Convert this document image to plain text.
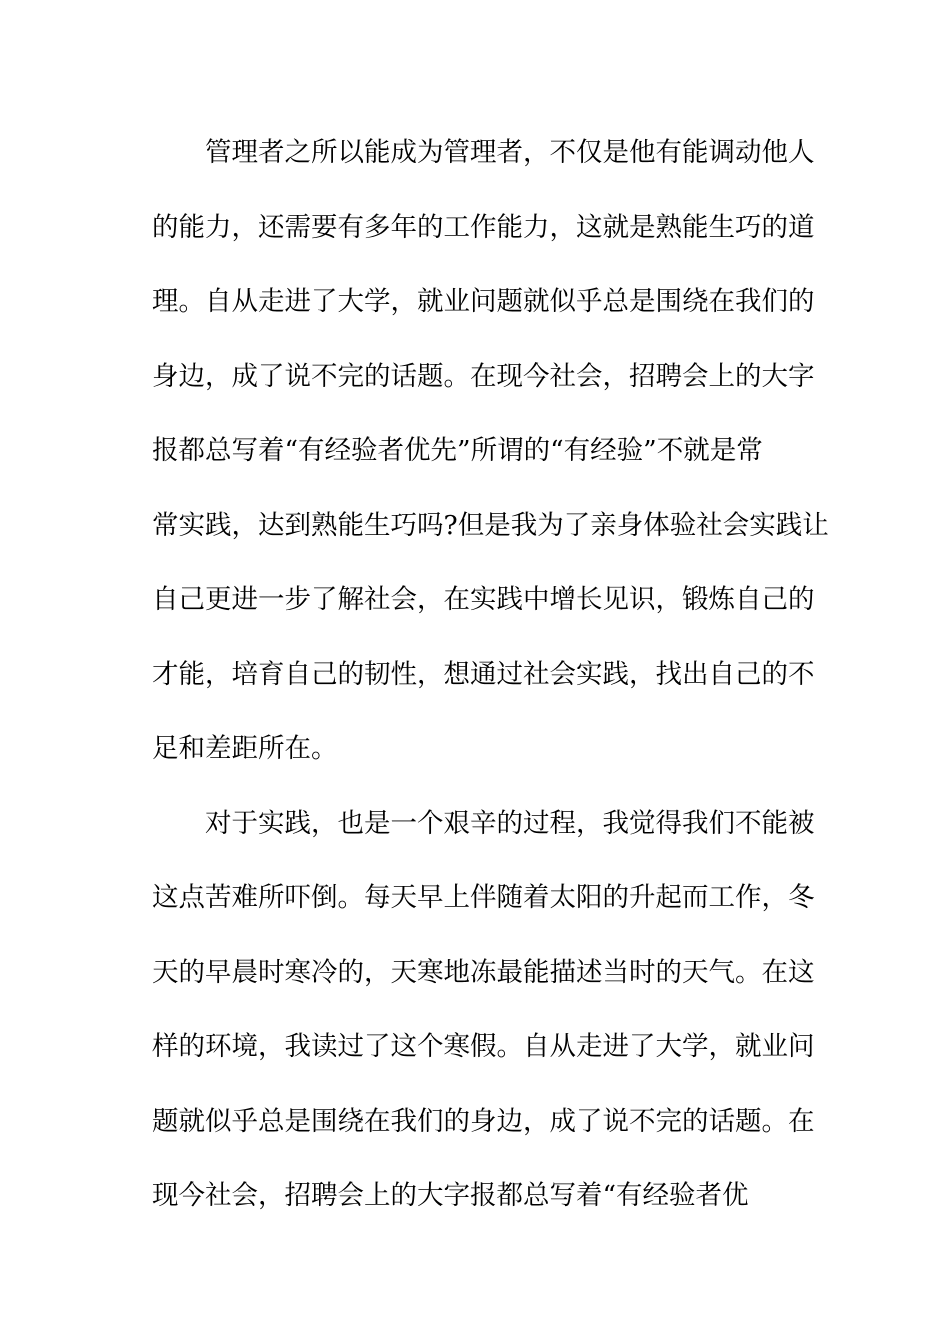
管理者之所以能成为管理者，不仅是他有能调动他人
的能力，还需要有多年的工作能力，这就是熟能生巧的道
理。自从走进了大学，就业问题就似乎总是围绕在我们的
身边，成了说不完的话题。在现今社会，招聘会上的大字
报都总写着“有经验者优先”所谓的“有经验”不就是常
常实践，达到熟能生巧吗?但是我为了亲身体验社会实践让
自己更进一步了解社会，在实践中增长见识，锻炼自己的
才能，培育自己的韧性，想通过社会实践，找出自己的不
足和差距所在。
对于实践，也是一个艰辛的过程，我觉得我们不能被
这点苦难所吓倒。每天早上伴随着太阳的升起而工作，冬
天的早晨时寒冷的，天寒地冻最能描述当时的天气。在这
样的环境，我读过了这个寒假。自从走进了大学，就业问
题就似乎总是围绕在我们的身边，成了说不完的话题。在
现今社会，招聘会上的大字报都总写着“有经验者优
